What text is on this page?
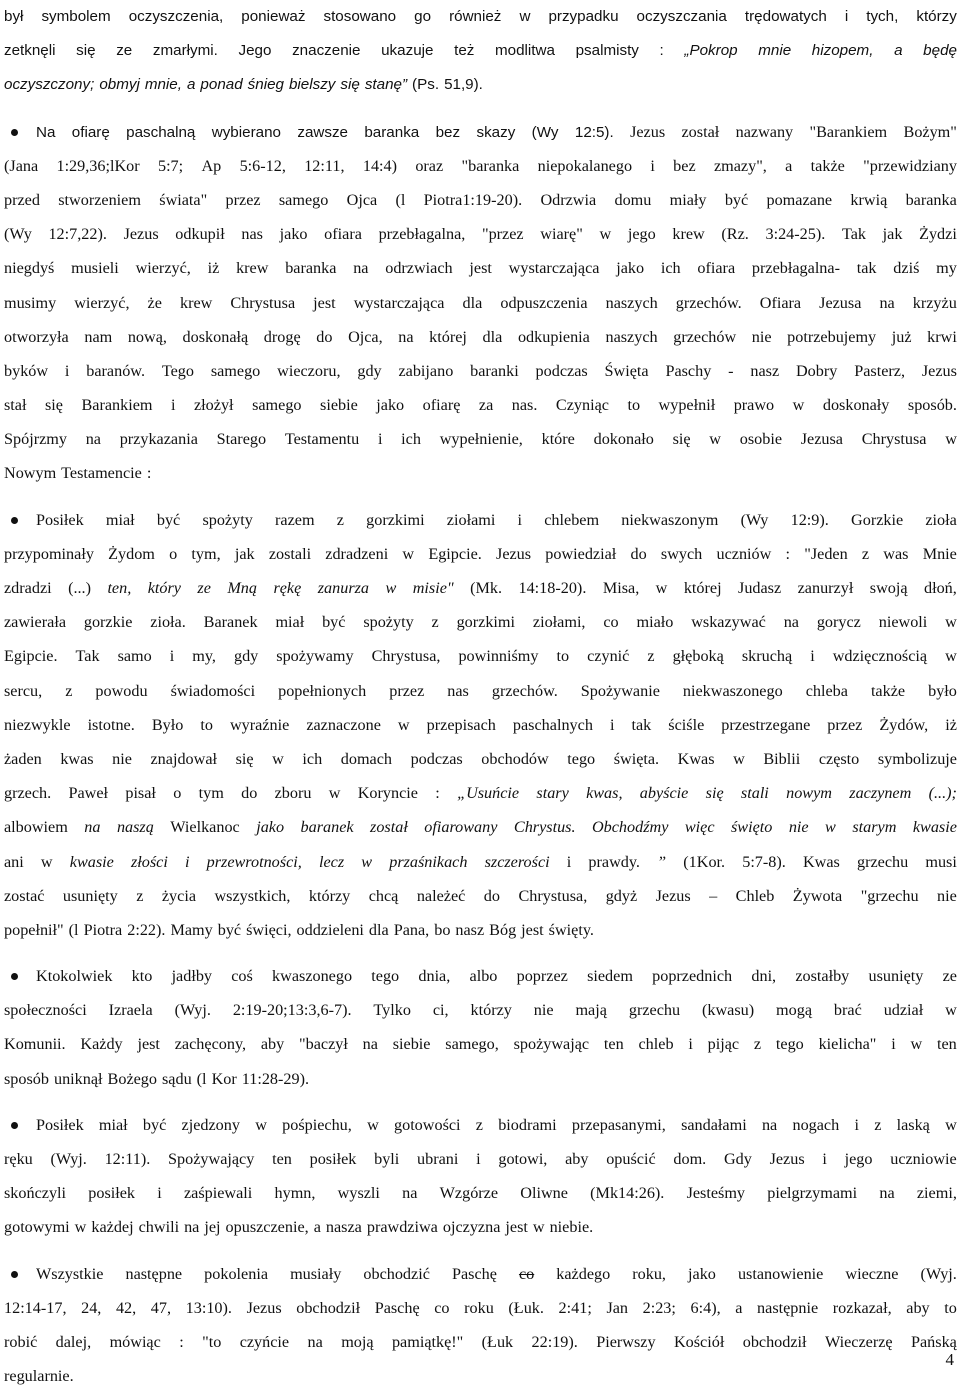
był symbolem oczyszczenia, ponieważ stosowano go również w przypadku oczyszczania trędowatych i tych, którzy
zetknęli się ze zmarłymi. Jego znaczenie ukazuje też modlitwa psalmisty : „Pokrop mnie hizopem, a będę
oczyszczony; obmyj mnie, a ponad śnieg bielszy się stanę” (Ps. 51,9).
Na ofiarę paschalną wybierano zawsze baranka bez skazy (Wy 12:5). Jezus został nazwany "Barankiem Bożym"
(Jana 1:29,36;lKor 5:7; Ap 5:6-12, 12:11, 14:4) oraz "baranka niepokalanego i bez zmazy", a także "przewidziany
przed stworzeniem świata" przez samego Ojca (l Piotra1:19-20). Odrzwia domu miały być pomazane krwią baranka
(Wy 12:7,22). Jezus odkupił nas jako ofiara przebłagalna, "przez wiarę" w jego krew (Rz. 3:24-25). Tak jak Żydzi
niegdyś musieli wierzyć, iż krew baranka na odrzwiach jest wystarczająca jako ich ofiara przebłagalna- tak dziś my
musimy wierzyć, że krew Chrystusa jest wystarczająca dla odpuszczenia naszych grzechów. Ofiara Jezusa na krzyżu
otworzyła nam nową, doskonałą drogę do Ojca, na której dla odkupienia naszych grzechów nie potrzebujemy już krwi
byków i baranów. Tego samego wieczoru, gdy zabijano baranki podczas Święta Paschy - nasz Dobry Pasterz, Jezus
stał się Barankiem i złożył samego siebie jako ofiarę za nas. Czyniąc to wypełnił prawo w doskonały sposób.
Spójrzmy na przykazania Starego Testamentu i ich wypełnienie, które dokonało się w osobie Jezusa Chrystusa w
Nowym Testamencie :
Posiłek miał być spożyty razem z gorzkimi ziołami i chlebem niekwaszonym (Wy 12:9). Gorzkie zioła
przypominały Żydom o tym, jak zostali zdradzeni w Egipcie. Jezus powiedział do swych uczniów : "Jeden z was Mnie
zdradzi (...) ten, który ze Mną rękę zanurza w misie" (Mk. 14:18-20). Misa, w której Judasz zanurzył swoją dłoń,
zawierała gorzkie zioła. Baranek miał być spożyty z gorzkimi ziołami, co miało wskazywać na gorycz niewoli w
Egipcie. Tak samo i my, gdy spożywamy Chrystusa, powinniśmy to czynić z głęboką skruchą i wdzięcznością w
sercu, z powodu świadomości popełnionych przez nas grzechów. Spożywanie niekwaszonego chleba także było
niezwykle istotne. Było to wyraźnie zaznaczone w przepisach paschalnych i tak ściśle przestrzegane przez Żydów, iż
żaden kwas nie znajdował się w ich domach podczas obchodów tego święta. Kwas w Biblii często symbolizuje
grzech. Paweł pisał o tym do zboru w Koryncie : „Usuńcie stary kwas, abyście się stali nowym zaczynem (...);
albowiem na naszą Wielkanoc jako baranek został ofiarowany Chrystus. Obchodźmy więc święto nie w starym kwasie
ani w kwasie złości i przewrotności, lecz w przaśnikach szczerości i prawdy. ” (1Kor. 5:7-8). Kwas grzechu musi
zostać usunięty z życia wszystkich, którzy chcą należeć do Chrystusa, gdyż Jezus – Chleb Żywota "grzechu nie
popełnił" (l Piotra 2:22). Mamy być święci, oddzieleni dla Pana, bo nasz Bóg jest święty.
Ktokolwiek kto jadłby coś kwaszonego tego dnia, albo poprzez siedem poprzednich dni, zostałby usunięty ze
społeczności Izraela (Wyj. 2:19-20;13:3,6-7). Tylko ci, którzy nie mają grzechu (kwasu) mogą brać udział w
Komunii. Każdy jest zachęcony, aby "baczył na siebie samego, spożywając ten chleb i pijąc z tego kielicha" i w ten
sposób uniknął Bożego sądu (l Kor 11:28-29).
Posiłek miał być zjedzony w pośpiechu, w gotowości z biodrami przepasanymi, sandałami na nogach i z laską w
ręku (Wyj. 12:11). Spożywający ten posiłek byli ubrani i gotowi, aby opuścić dom. Gdy Jezus i jego uczniowie
skończyli posiłek i zaśpiewali hymn, wyszli na Wzgórze Oliwne (Mk14:26). Jesteśmy pielgrzymami na ziemi,
gotowymi w każdej chwili na jej opuszczenie, a nasza prawdziwa ojczyzna jest w niebie.
Wszystkie następne pokolenia musiały obchodzić Paschę co każdego roku, jako ustanowienie wieczne (Wyj.
12:14-17, 24, 42, 47, 13:10). Jezus obchodził Paschę co roku (Łuk. 2:41; Jan 2:23; 6:4), a następnie rozkazał, aby to
robić dalej, mówiąc : "to czyńcie na moją pamiątkę!" (Łuk 22:19). Pierwszy Kościół obchodził Wieczerzę Pańską
regularnie.
4
